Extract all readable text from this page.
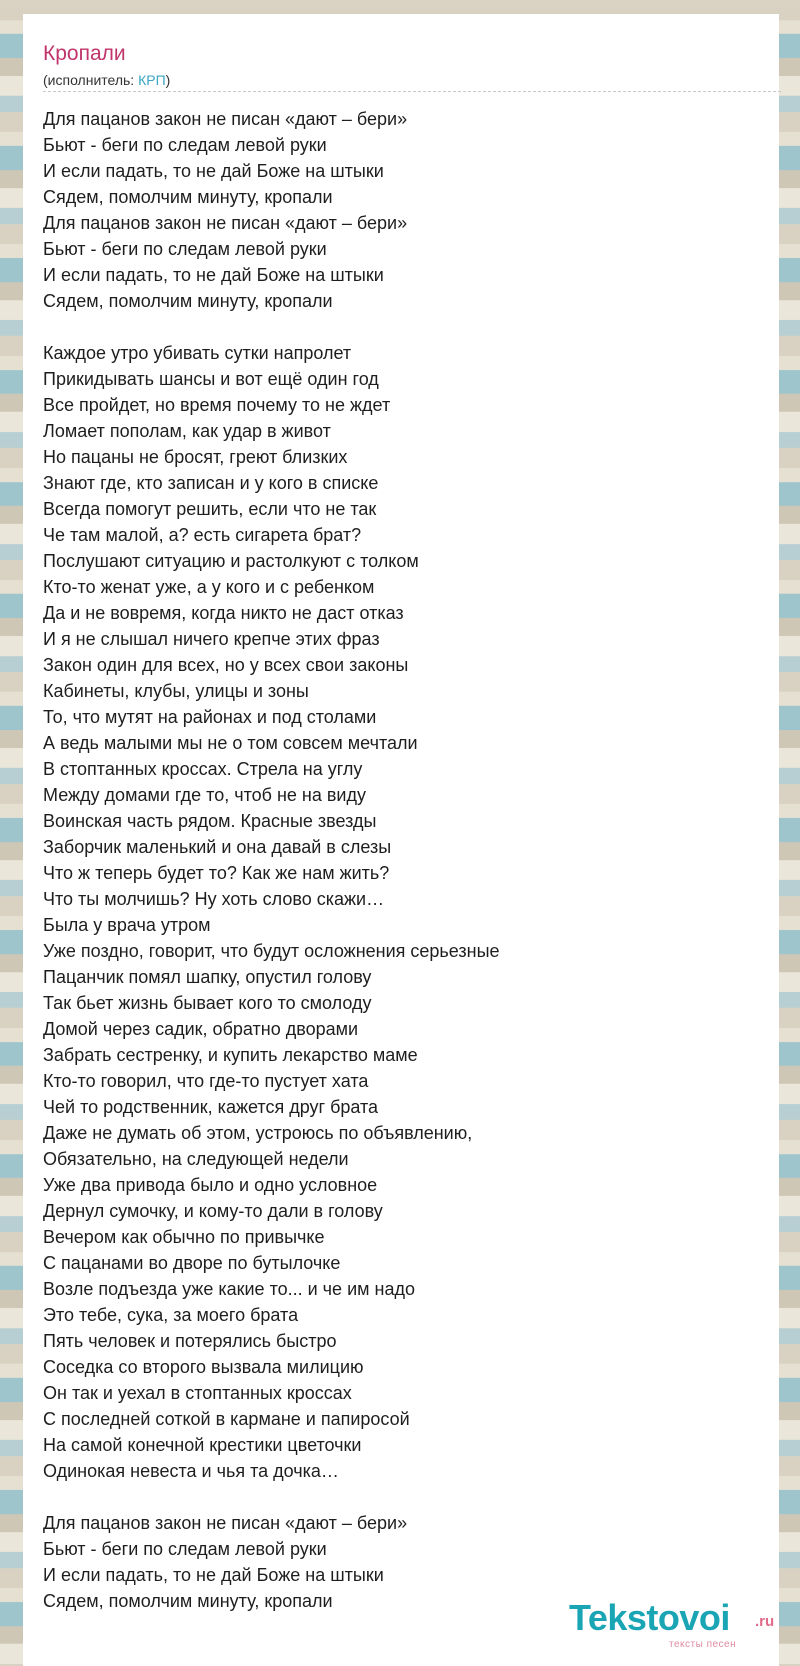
Кропали
(исполнитель: КРП)
Для пацанов закон не писан «дают – бери»
Бьют - беги по следам левой руки
И если падать, то не дай Боже на штыки
Сядем, помолчим минуту, кропали
Для пацанов закон не писан «дают – бери»
Бьют - беги по следам левой руки
И если падать, то не дай Боже на штыки
Сядем, помолчим минуту, кропали
Каждое утро убивать сутки напролет
Прикидывать шансы и вот ещё один год
Все пройдет, но время почему то не ждет
Ломает пополам, как удар в живот
Но пацаны не бросят, греют близких
Знают где, кто записан и у кого в списке
Всегда помогут решить, если что не так
Че там малой, а? есть сигарета брат?
Послушают ситуацию и растолкуют с толком
Кто-то женат уже, а у кого и с ребенком
Да и не вовремя, когда никто не даст отказ
И я не слышал ничего крепче этих фраз
Закон один для всех, но у всех свои законы
Кабинеты, клубы, улицы и зоны
То, что мутят на районах и под столами
А ведь малыми мы не о том совсем мечтали
В стоптанных кроссах. Стрела на углу
Между домами где то, чтоб не на виду
Воинская часть рядом. Красные звезды
Заборчик маленький и она давай в слезы
Что ж теперь будет то? Как же нам жить?
Что ты молчишь? Ну хоть слово скажи…
Была у врача утром
Уже поздно, говорит, что будут осложнения серьезные
Пацанчик помял шапку, опустил голову
Так бьет жизнь бывает кого то смолоду
Домой через садик, обратно дворами
Забрать сестренку, и купить лекарство маме
Кто-то говорил, что где-то пустует хата
Чей то родственник, кажется друг брата
Даже не думать об этом, устроюсь по объявлению,
Обязательно, на следующей недели
Уже два привода было и одно условное
Дернул сумочку, и кому-то дали в голову
Вечером как обычно по привычке
С пацанами во дворе по бутылочке
Возле подъезда уже какие то... и че им надо
Это тебе, сука, за моего брата
Пять человек и потерялись быстро
Соседка со второго вызвала милицию
Он так и уехал в стоптанных кроссах
С последней соткой в кармане и папиросой
На самой конечной крестики цветочки
Одинокая невеста и чья та дочка…
Для пацанов закон не писан «дают – бери»
Бьют - беги по следам левой руки
И если падать, то не дай Боже на штыки
Сядем, помолчим минуту, кропали	Tekstovoi .ru
тексты песен
